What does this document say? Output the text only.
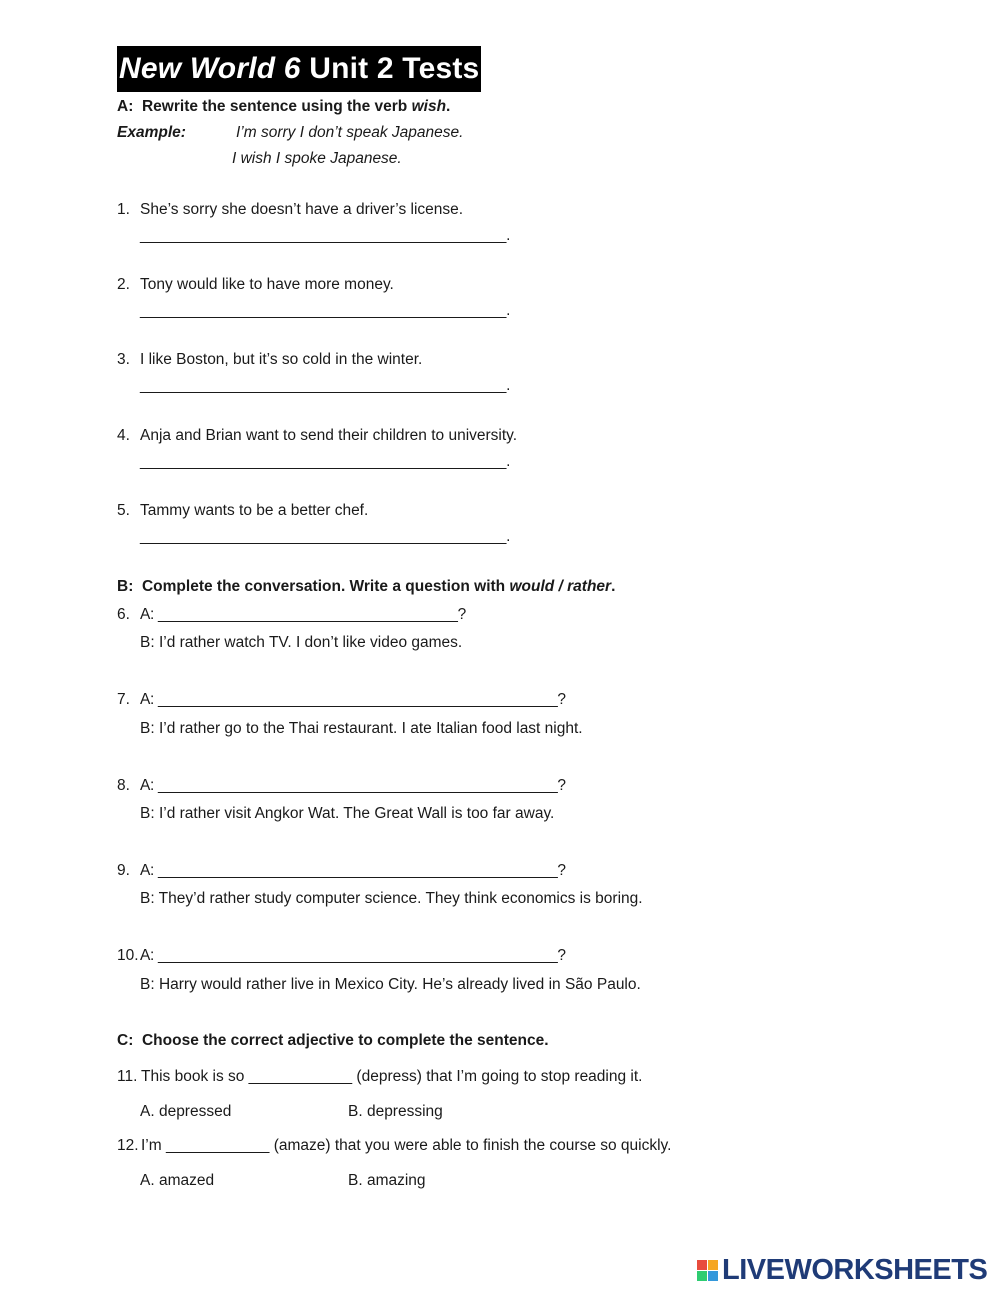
New World 6 Unit 2 Tests
A: Rewrite the sentence using the verb wish.
Example:	I’m sorry I don’t speak Japanese.
I wish I spoke Japanese.
1. She’s sorry she doesn’t have a driver’s license.
____________________________________________.
2. Tony would like to have more money.
____________________________________________.
3. I like Boston, but it’s so cold in the winter.
____________________________________________.
4. Anja and Brian want to send their children to university.
____________________________________________.
5. Tammy wants to be a better chef.
____________________________________________.
B: Complete the conversation. Write a question with would / rather.
6. A: ____________________________________?
B: I’d rather watch TV. I don’t like video games.
7. A: ________________________________________________?
B: I’d rather go to the Thai restaurant. I ate Italian food last night.
8. A: ________________________________________________?
B: I’d rather visit Angkor Wat. The Great Wall is too far away.
9. A: ________________________________________________?
B: They’d rather study computer science. They think economics is boring.
10. A: ________________________________________________?
B: Harry would rather live in Mexico City. He’s already lived in São Paulo.
C: Choose the correct adjective to complete the sentence.
11. This book is so ____________ (depress) that I’m going to stop reading it.
A. depressed	B. depressing
12. I’m ____________ (amaze) that you were able to finish the course so quickly.
A. amazed	B. amazing
LIVEWORKSHEETS
